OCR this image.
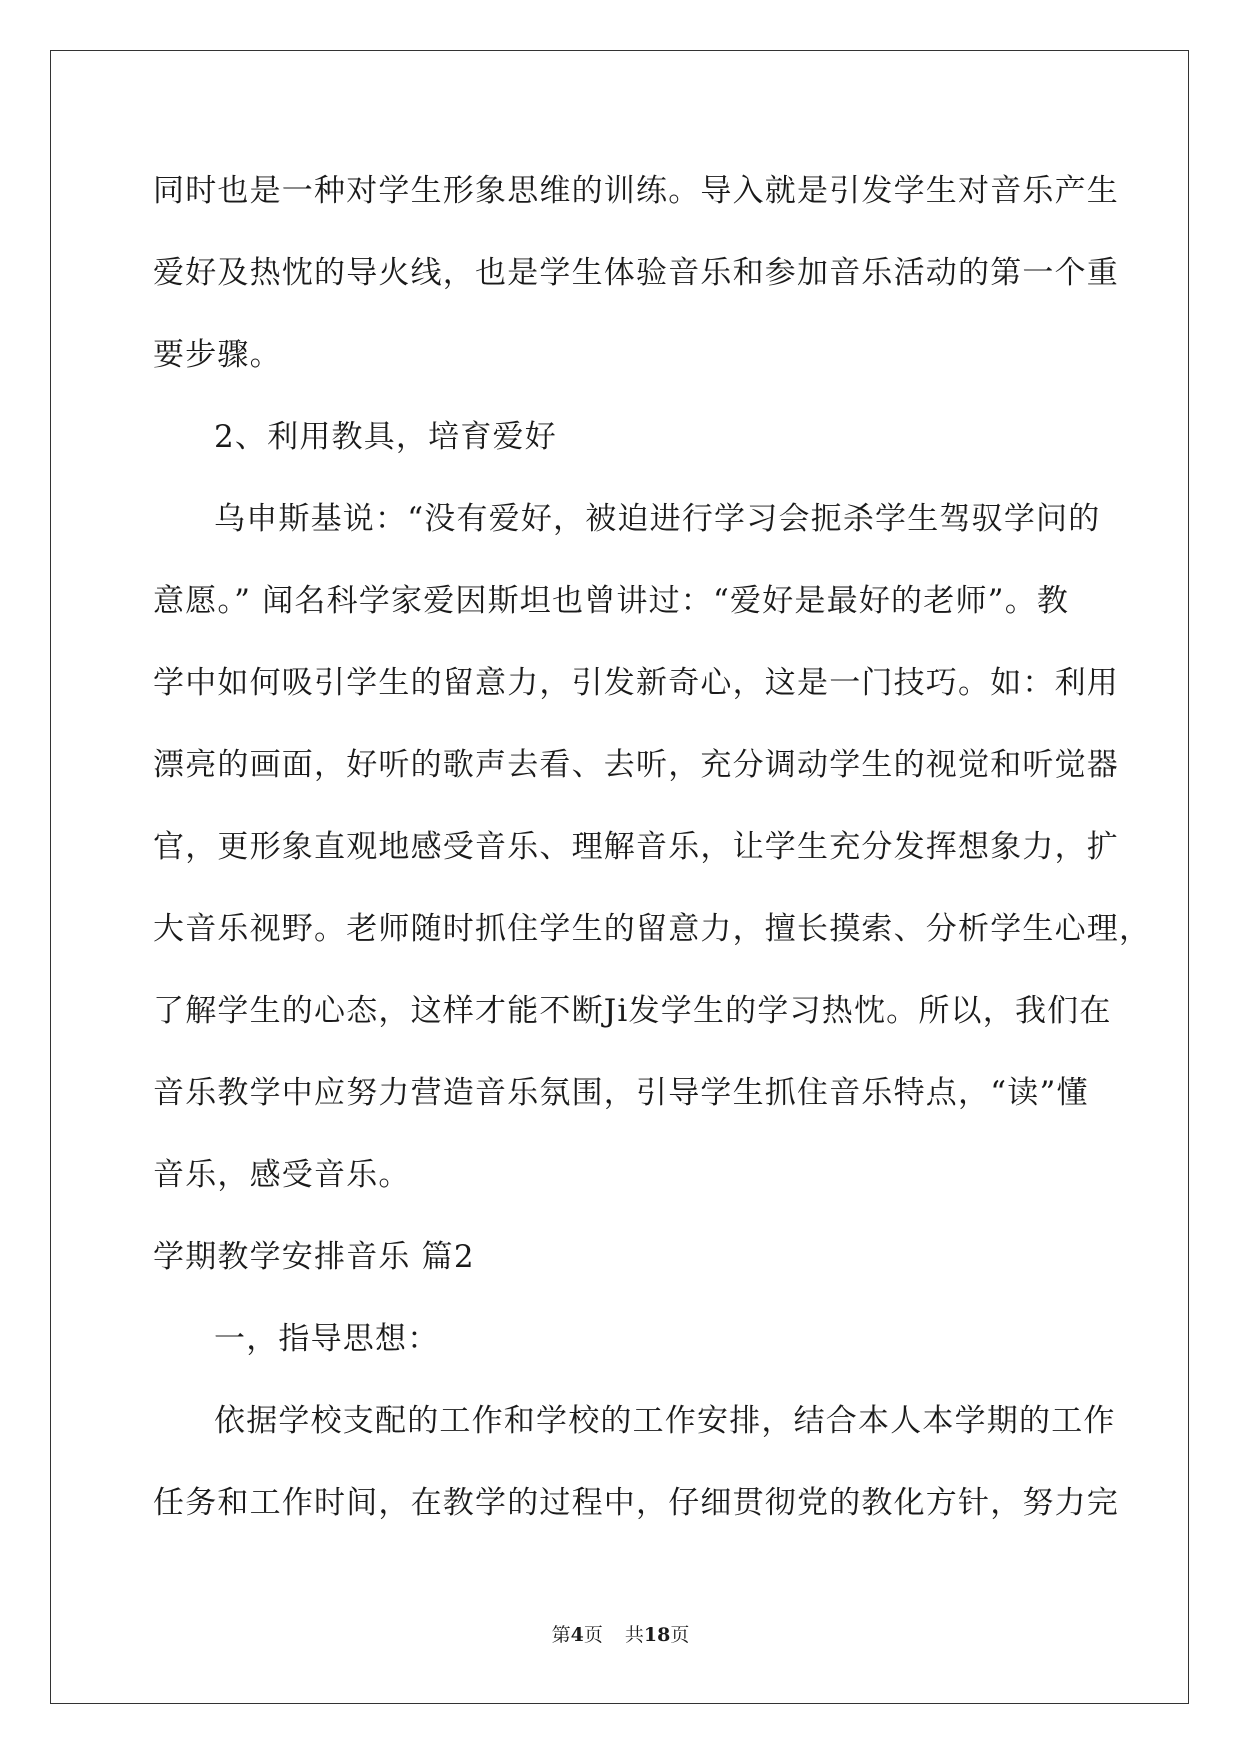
同时也是一种对学生形象思维的训练。导入就是引发学生对音乐产生
爱好及热忱的导火线，也是学生体验音乐和参加音乐活动的第一个重
要步骤。
2、利用教具，培育爱好
乌申斯基说：“没有爱好，被迫进行学习会扼杀学生驾驭学问的
意愿。” 闻名科学家爱因斯坦也曾讲过：“爱好是最好的老师”。教
学中如何吸引学生的留意力，引发新奇心，这是一门技巧。如：利用
漂亮的画面，好听的歌声去看、去听，充分调动学生的视觉和听觉器
官，更形象直观地感受音乐、理解音乐，让学生充分发挥想象力，扩
大音乐视野。老师随时抓住学生的留意力，擅长摸索、分析学生心理，
了解学生的心态，这样才能不断Ji发学生的学习热忱。所以，我们在
音乐教学中应努力营造音乐氛围，引导学生抓住音乐特点，“读”懂
音乐，感受音乐。
学期教学安排音乐 篇2
一，指导思想：
依据学校支配的工作和学校的工作安排，结合本人本学期的工作
任务和工作时间，在教学的过程中，仔细贯彻党的教化方针，努力完
第4页 共18页
